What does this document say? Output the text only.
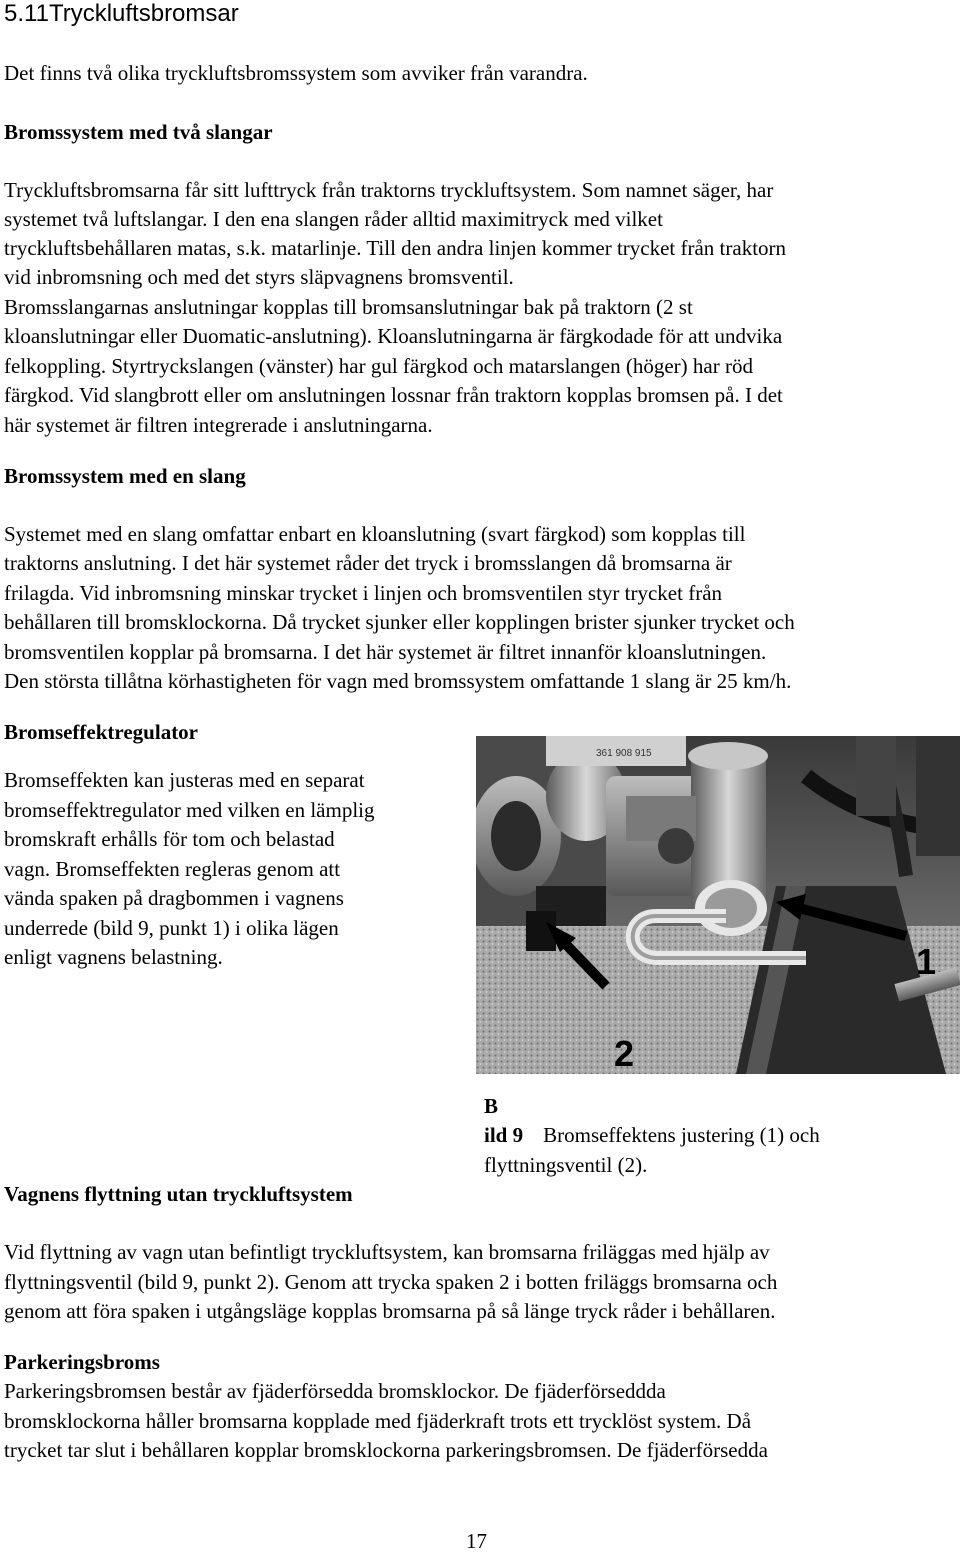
5.11Tryckluftsbromsar
Det finns två olika tryckluftsbromssystem som avviker från varandra.
Bromssystem med två slangar
Tryckluftsbromsarna får sitt lufttryck från traktorns tryckluftsystem. Som namnet säger, har
systemet två luftslangar. I den ena slangen råder alltid maximitryck med vilket
tryckluftsbehållaren matas, s.k. matarlinje. Till den andra linjen kommer trycket från traktorn
vid inbromsning och med det styrs släpvagnens bromsventil.
Bromsslangarnas anslutningar kopplas till bromsanslutningar bak på traktorn (2 st
kloanslutningar eller Duomatic-anslutning). Kloanslutningarna är färgkodade för att undvika
felkoppling. Styrtryckslangen (vänster) har gul färgkod och matarslangen (höger) har röd
färgkod. Vid slangbrott eller om anslutningen lossnar från traktorn kopplas bromsen på. I det
här systemet är filtren integrerade i anslutningarna.
Bromssystem med en slang
Systemet med en slang omfattar enbart en kloanslutning (svart färgkod) som kopplas till
traktorns anslutning. I det här systemet råder det tryck i bromsslangen då bromsarna är
frilagda. Vid inbromsning minskar trycket i linjen och bromsventilen styr trycket från
behållaren till bromsklockorna. Då trycket sjunker eller kopplingen brister sjunker trycket och
bromsventilen kopplar på bromsarna. I det här systemet är filtret innanför kloanslutningen.
Den största tillåtna körhastigheten för vagn med bromssystem omfattande 1 slang är 25 km/h.
Bromseffektregulator
Bromseffekten kan justeras med en separat
bromseffektregulator med vilken en lämplig
bromskraft erhålls för tom och belastad
vagn. Bromseffekten regleras genom att
vända spaken på dragbommen i vagnens
underrede (bild 9, punkt 1) i olika lägen
enligt vagnens belastning.
361 908 915
1
2
B
ild 9 Bromseffektens justering (1) och
flyttningsventil (2).
Vagnens flyttning utan tryckluftsystem
Vid flyttning av vagn utan befintligt tryckluftsystem, kan bromsarna friläggas med hjälp av
flyttningsventil (bild 9, punkt 2). Genom att trycka spaken 2 i botten friläggs bromsarna och
genom att föra spaken i utgångsläge kopplas bromsarna på så länge tryck råder i behållaren.
Parkeringsbroms
Parkeringsbromsen består av fjäderförsedda bromsklockor. De fjäderförseddda
bromsklockorna håller bromsarna kopplade med fjäderkraft trots ett trycklöst system. Då
trycket tar slut i behållaren kopplar bromsklockorna parkeringsbromsen. De fjäderförsedda
17
